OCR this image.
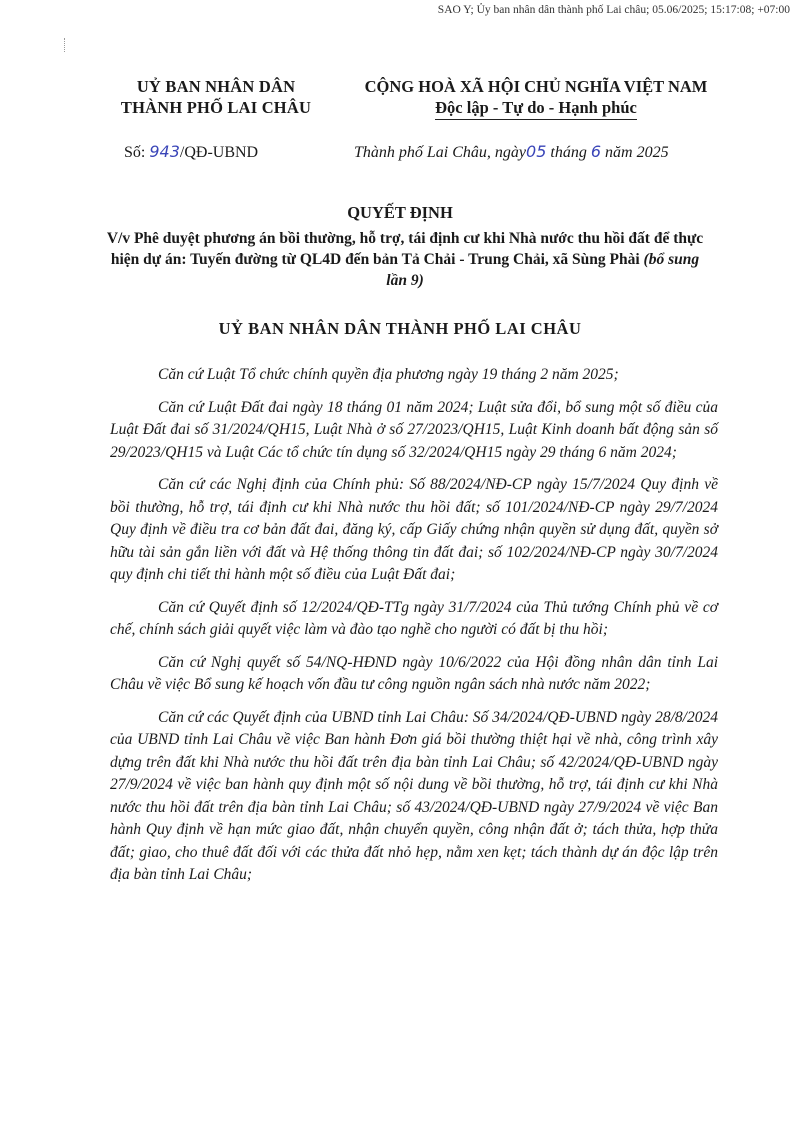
SAO Y; Ủy ban nhân dân thành phố Lai châu; 05.06/2025; 15:17:08; +07:00
UỶ BAN NHÂN DÂN
THÀNH PHỐ LAI CHÂU
CỘNG HOÀ XÃ HỘI CHỦ NGHĨA VIỆT NAM
Độc lập - Tự do - Hạnh phúc
Số: 943/QĐ-UBND	Thành phố Lai Châu, ngày05 tháng 6 năm 2025
QUYẾT ĐỊNH
V/v Phê duyệt phương án bồi thường, hỗ trợ, tái định cư khi Nhà nước thu hồi đất để thực hiện dự án: Tuyến đường từ QL4D đến bản Tả Chải - Trung Chải, xã Sùng Phài (bổ sung lần 9)
UỶ BAN NHÂN DÂN THÀNH PHỐ LAI CHÂU

Căn cứ Luật Tổ chức chính quyền địa phương ngày 19 tháng 2 năm 2025;

Căn cứ Luật Đất đai ngày 18 tháng 01 năm 2024; Luật sửa đổi, bổ sung một số điều của Luật Đất đai số 31/2024/QH15, Luật Nhà ở số 27/2023/QH15, Luật Kinh doanh bất động sản số 29/2023/QH15 và Luật Các tổ chức tín dụng số 32/2024/QH15 ngày 29 tháng 6 năm 2024;

Căn cứ các Nghị định của Chính phủ: Số 88/2024/NĐ-CP ngày 15/7/2024 Quy định về bồi thường, hỗ trợ, tái định cư khi Nhà nước thu hồi đất; số 101/2024/NĐ-CP ngày 29/7/2024 Quy định về điều tra cơ bản đất đai, đăng ký, cấp Giấy chứng nhận quyền sử dụng đất, quyền sở hữu tài sản gắn liền với đất và Hệ thống thông tin đất đai; số 102/2024/NĐ-CP ngày 30/7/2024 quy định chi tiết thi hành một số điều của Luật Đất đai;

Căn cứ Quyết định số 12/2024/QĐ-TTg ngày 31/7/2024 của Thủ tướng Chính phủ về cơ chế, chính sách giải quyết việc làm và đào tạo nghề cho người có đất bị thu hồi;

Căn cứ Nghị quyết số 54/NQ-HĐND ngày 10/6/2022 của Hội đồng nhân dân tỉnh Lai Châu về việc Bổ sung kế hoạch vốn đầu tư công nguồn ngân sách nhà nước năm 2022;

Căn cứ các Quyết định của UBND tỉnh Lai Châu: Số 34/2024/QĐ-UBND ngày 28/8/2024 của UBND tỉnh Lai Châu về việc Ban hành Đơn giá bồi thường thiệt hại về nhà, công trình xây dựng trên đất khi Nhà nước thu hồi đất trên địa bàn tỉnh Lai Châu; số 42/2024/QĐ-UBND ngày 27/9/2024 về việc ban hành quy định một số nội dung về bồi thường, hỗ trợ, tái định cư khi Nhà nước thu hồi đất trên địa bàn tỉnh Lai Châu; số 43/2024/QĐ-UBND ngày 27/9/2024 về việc Ban hành Quy định về hạn mức giao đất, nhận chuyển quyền, công nhận đất ở; tách thửa, hợp thửa đất; giao, cho thuê đất đối với các thửa đất nhỏ hẹp, nằm xen kẹt; tách thành dự án độc lập trên địa bàn tỉnh Lai Châu;
